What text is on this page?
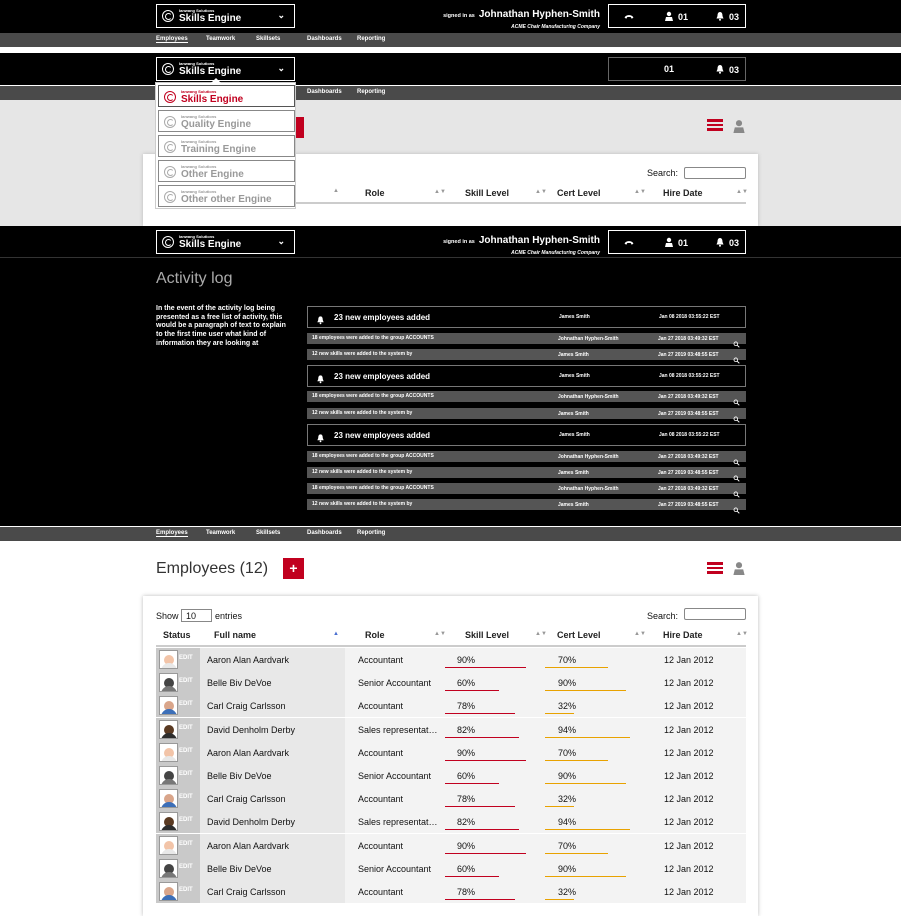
Ianwang Solutions
Skills Engine	⌄	signed in as Johnathan Hyphen-Smith
ACME Chair Manufacturing Company
01	03
Employees	Teamwork	Skillsets	Dashboards	Reporting
Ianwang Solutions
Skills Engine	⌄	01	03
Dashboards	Reporting
Search:
▲	Role	▲▼ Skill Level	▲▼ Cert Level	▲▼ Hire Date	▲▼
Ianwang Solutions
Skills Engine
Ianwang Solutions
Quality Engine
Ianwang Solutions
Training Engine
Ianwang Solutions
Other Engine
Ianwang Solutions
Other other Engine
Ianwang Solutions
Skills Engine	⌄	signed in as Johnathan Hyphen-Smith
ACME Chair Manufacturing Company
01	03
Activity log
In the event of the activity log being presented as a free list of activity, this would be a paragraph of text to explain to the first time user what kind of information they are looking at
23 new employees added	James Smith	Jan 08 2018 03:55:22 EST
18 employees were added to the group ACCOUNTS	Johnathan Hyphen-Smith	Jan 27 2018 03:49:32 EST
12 new skills were added to the system by	James Smith	Jan 27 2019 03:48:55 EST
23 new employees added	James Smith	Jan 08 2018 03:55:22 EST
18 employees were added to the group ACCOUNTS	Johnathan Hyphen-Smith	Jan 27 2018 03:49:32 EST
12 new skills were added to the system by	James Smith	Jan 27 2019 03:48:55 EST
23 new employees added	James Smith	Jan 08 2018 03:55:22 EST
18 employees were added to the group ACCOUNTS	Johnathan Hyphen-Smith	Jan 27 2018 03:49:32 EST
12 new skills were added to the system by	James Smith	Jan 27 2019 03:48:55 EST
18 employees were added to the group ACCOUNTS	Johnathan Hyphen-Smith	Jan 27 2018 03:49:32 EST
12 new skills were added to the system by	James Smith	Jan 27 2019 03:48:55 EST
Employees	Teamwork	Skillsets	Dashboards	Reporting
Employees (12)	+
Show 10	entries	Search:
Status	Full name	▲	Role	▲▼ Skill Level	▲▼ Cert Level	▲▼ Hire Date	▲▼
EDIT	Aaron Alan Aardvark	Accountant	90%	70%	12 Jan 2012
EDIT	Belle Biv DeVoe	Senior Accountant	60%	90%	12 Jan 2012
EDIT	Carl Craig Carlsson	Accountant	78%	32%	12 Jan 2012
EDIT	David Denholm Derby	Sales representat…	82%	94%	12 Jan 2012
EDIT	Aaron Alan Aardvark	Accountant	90%	70%	12 Jan 2012
EDIT	Belle Biv DeVoe	Senior Accountant	60%	90%	12 Jan 2012
EDIT	Carl Craig Carlsson	Accountant	78%	32%	12 Jan 2012
EDIT	David Denholm Derby	Sales representat…	82%	94%	12 Jan 2012
EDIT	Aaron Alan Aardvark	Accountant	90%	70%	12 Jan 2012
EDIT	Belle Biv DeVoe	Senior Accountant	60%	90%	12 Jan 2012
EDIT	Carl Craig Carlsson	Accountant	78%	32%	12 Jan 2012
